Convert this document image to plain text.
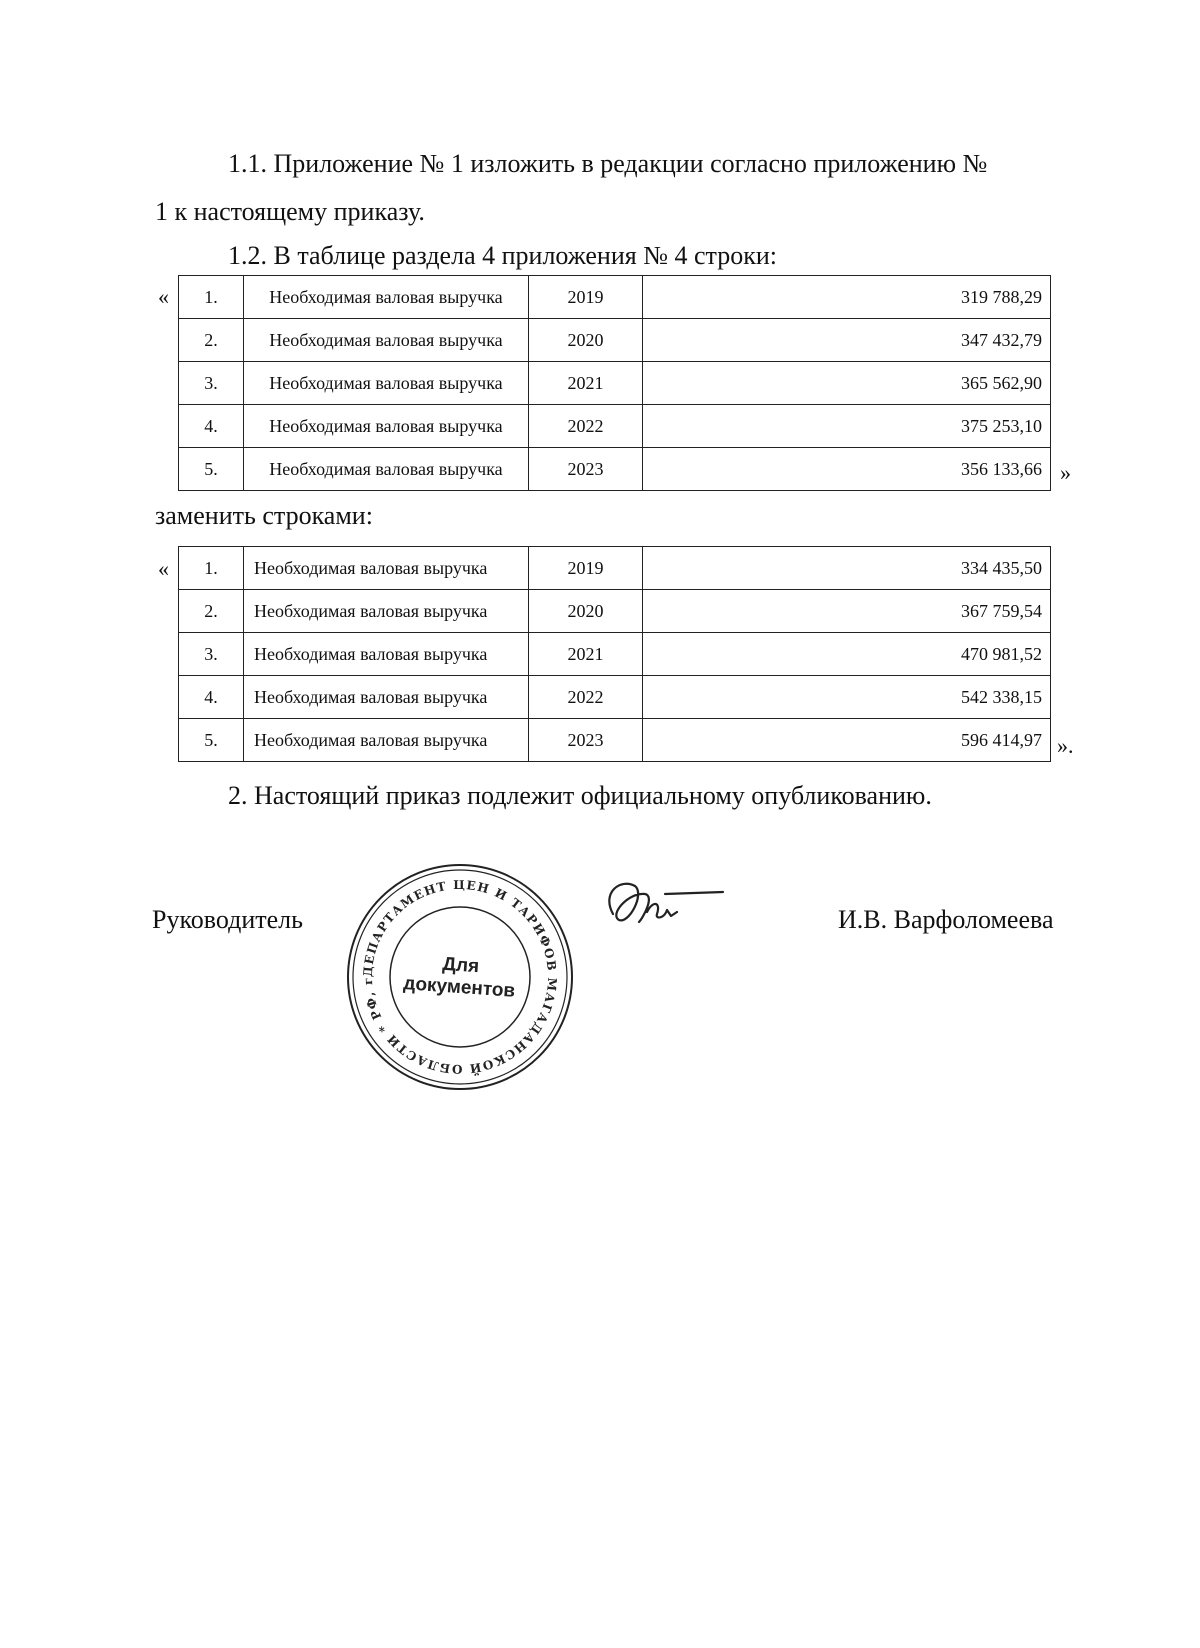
1.1. Приложение № 1 изложить в редакции согласно приложению №
1 к настоящему приказу.
1.2. В таблице раздела 4 приложения № 4 строки:
« 1.	Необходимая валовая выручка	2019	319 788,29
2.	Необходимая валовая выручка	2020	347 432,79
3.	Необходимая валовая выручка	2021	365 562,90
4.	Необходимая валовая выручка	2022	375 253,10
5.	Необходимая валовая выручка	2023	356 133,66 »
заменить строками:
« 1.	Необходимая валовая выручка	2019	334 435,50
2.	Необходимая валовая выручка	2020	367 759,54
3.	Необходимая валовая выручка	2021	470 981,52
4.	Необходимая валовая выручка	2022	542 338,15
5.	Необходимая валовая выручка	2023	596 414,97 ».
2. Настоящий приказ подлежит официальному опубликованию.
Руководитель	И.В. Варфоломеева
ДЕПАРТАМЕНТ ЦЕН И ТАРИФОВ МАГАДАНСКОЙ ОБЛАСТИ * РФ, г
Для
документов
